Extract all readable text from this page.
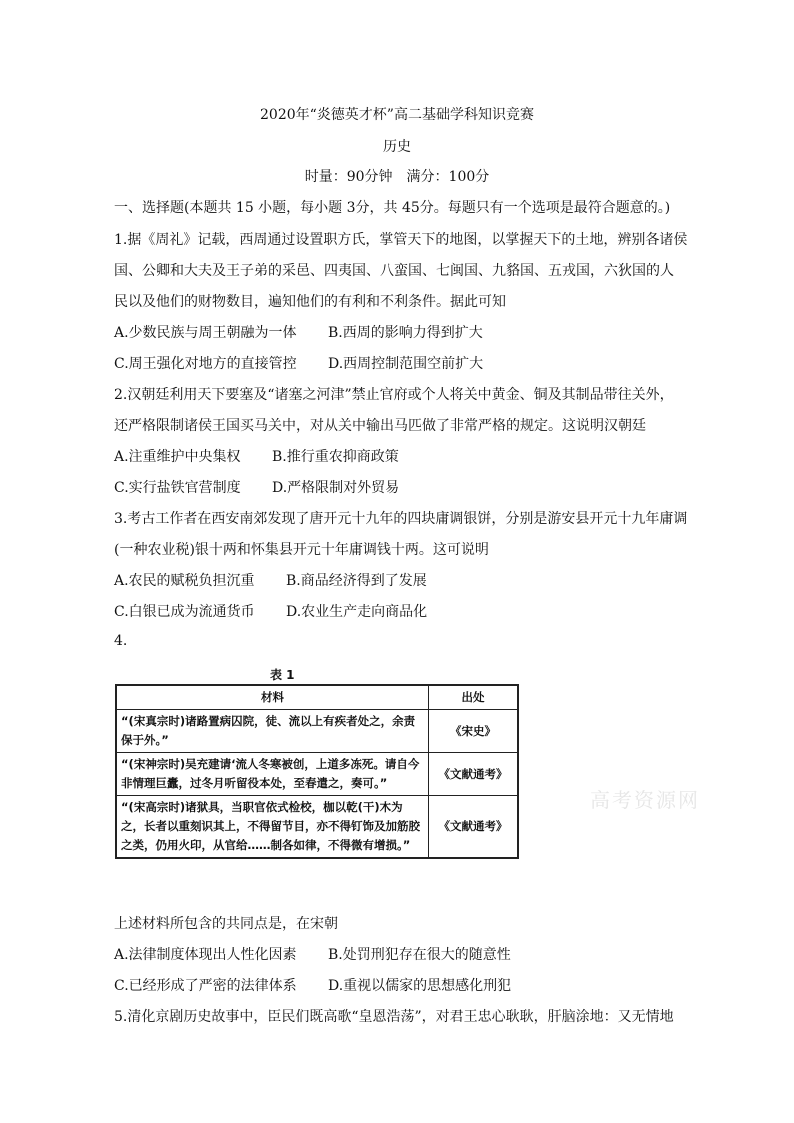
2020年“炎德英才杯”高二基础学科知识竞赛
历史
时量：90分钟　满分：100分
一、选择题(本题共 15 小题，每小题 3分，共 45分。每题只有一个选项是最符合题意的。)
1.据《周礼》记载，西周通过设置职方氏，掌管天下的地图，以掌握天下的土地，辨别各诸侯
国、公卿和大夫及王子弟的采邑、四夷国、八蛮国、七闽国、九貉国、五戎国，六狄国的人
民以及他们的财物数目，遍知他们的有利和不利条件。据此可知
A.少数民族与周王朝融为一体 B.西周的影响力得到扩大
C.周王强化对地方的直接管控 D.西周控制范围空前扩大
2.汉朝廷利用天下要塞及“诸塞之河津”禁止官府或个人将关中黄金、铜及其制品带往关外，
还严格限制诸侯王国买马关中，对从关中输出马匹做了非常严格的规定。这说明汉朝廷
A.注重维护中央集权 B.推行重农抑商政策
C.实行盐铁官营制度 D.严格限制对外贸易
3.考古工作者在西安南郊发现了唐开元十九年的四块庸调银饼，分别是游安县开元十九年庸调
(一种农业税)银十两和怀集县开元十年庸调钱十两。这可说明
A.农民的赋税负担沉重 B.商品经济得到了发展
C.白银已成为流通货币 D.农业生产走向商品化
4.
表 1
材料	出处
“(宋真宗时)诸路置病囚院，徒、流以上有疾者处之，余责保于外。”	《宋史》
“(宋神宗时)吴充建请‘流人冬寒被创，上道多冻死。请自今非情理巨蠹，过冬月听留役本处，至春遣之，奏可。”	《文献通考》
“(宋高宗时)诸狱具，当职官依式检校，枷以乾(干)木为之，长者以重刻识其上，不得留节目，亦不得钉饰及加筋胶之类，仍用火印，从官给……制各如律，不得微有增损。”	《文献通考》
高考资源网
上述材料所包含的共同点是，在宋朝
A.法律制度体现出人性化因素 B.处罚刑犯存在很大的随意性
C.已经形成了严密的法律体系 D.重视以儒家的思想感化刑犯
5.清化京剧历史故事中，臣民们既高歌“皇恩浩荡”，对君王忠心耿耿，肝脑涂地：又无情地
